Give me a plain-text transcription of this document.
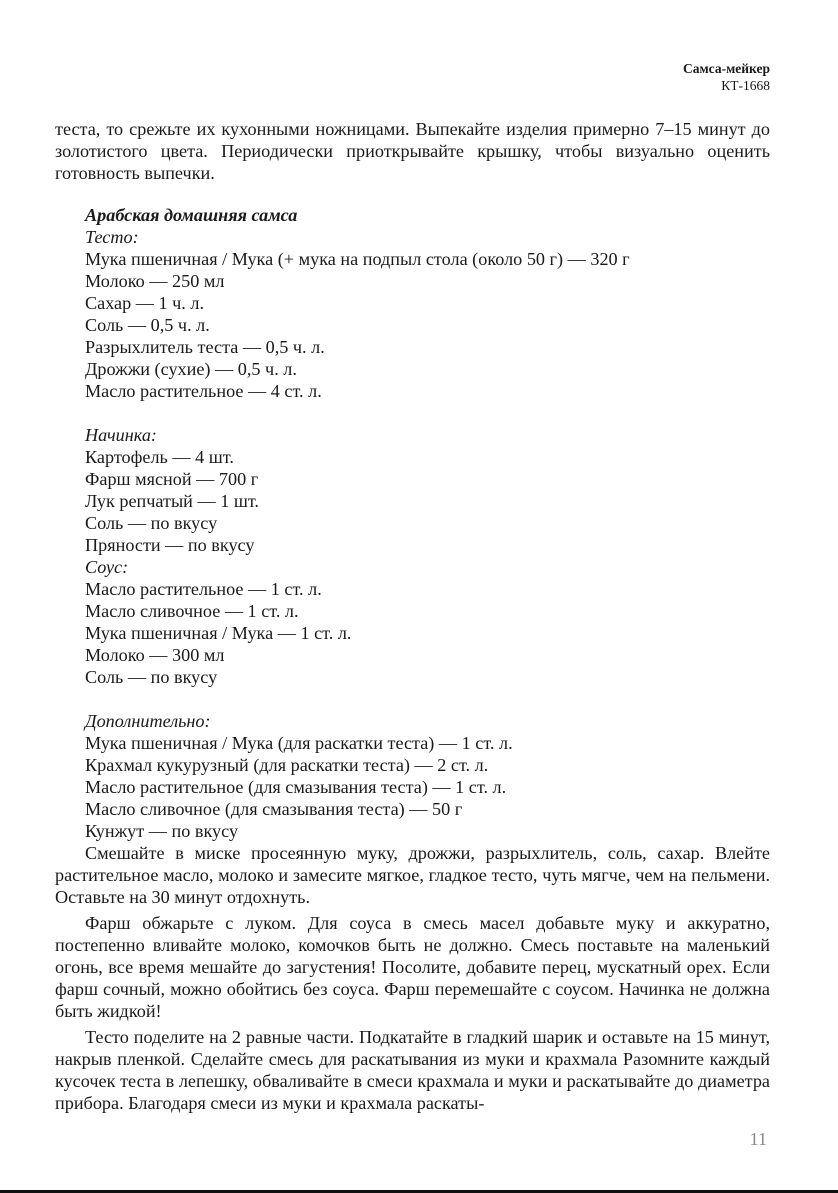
Самса-мейкер
КТ-1668

теста, то срежьте их кухонными ножницами. Выпекайте изделия примерно 7–15 минут до золотистого цвета. Периодически приоткрывайте крышку, чтобы визуально оценить готовность выпечки.

Арабская домашняя самса

Тесто:

Мука пшеничная / Мука (+ мука на подпыл стола (около 50 г) — 320 г
Молоко — 250 мл
Сахар — 1 ч. л.
Соль — 0,5 ч. л.
Разрыхлитель теста — 0,5 ч. л.
Дрожжи (сухие) — 0,5 ч. л.
Масло растительное — 4 ст. л.

Начинка:

Картофель — 4 шт.
Фарш мясной — 700 г
Лук репчатый — 1 шт.
Соль — по вкусу
Пряности — по вкусу

Соус:

Масло растительное — 1 ст. л.
Масло сливочное — 1 ст. л.
Мука пшеничная / Мука — 1 ст. л.
Молоко — 300 мл
Соль — по вкусу

Дополнительно:

Мука пшеничная / Мука (для раскатки теста) — 1 ст. л.
Крахмал кукурузный (для раскатки теста) — 2 ст. л.
Масло растительное (для смазывания теста) — 1 ст. л.
Масло сливочное (для смазывания теста) — 50 г
Кунжут — по вкусу

Смешайте в миске просеянную муку, дрожжи, разрыхлитель, соль, сахар. Влейте растительное масло, молоко и замесите мягкое, гладкое тесто, чуть мягче, чем на пельмени. Оставьте на 30 минут отдохнуть.

Фарш обжарьте с луком. Для соуса в смесь масел добавьте муку и аккуратно, постепенно вливайте молоко, комочков быть не должно. Смесь поставьте на маленький огонь, все время мешайте до загустения! Посолите, добавите перец, мускатный орех. Если фарш сочный, можно обойтись без соуса. Фарш перемешайте с соусом. Начинка не должна быть жидкой!

Тесто поделите на 2 равные части. Подкатайте в гладкий шарик и оставьте на 15 минут, накрыв пленкой. Сделайте смесь для раскатывания из муки и крахмала Разомните каждый кусочек теста в лепешку, обваливайте в смеси крахмала и муки и раскатывайте до диаметра прибора. Благодаря смеси из муки и крахмала раскаты-

11
